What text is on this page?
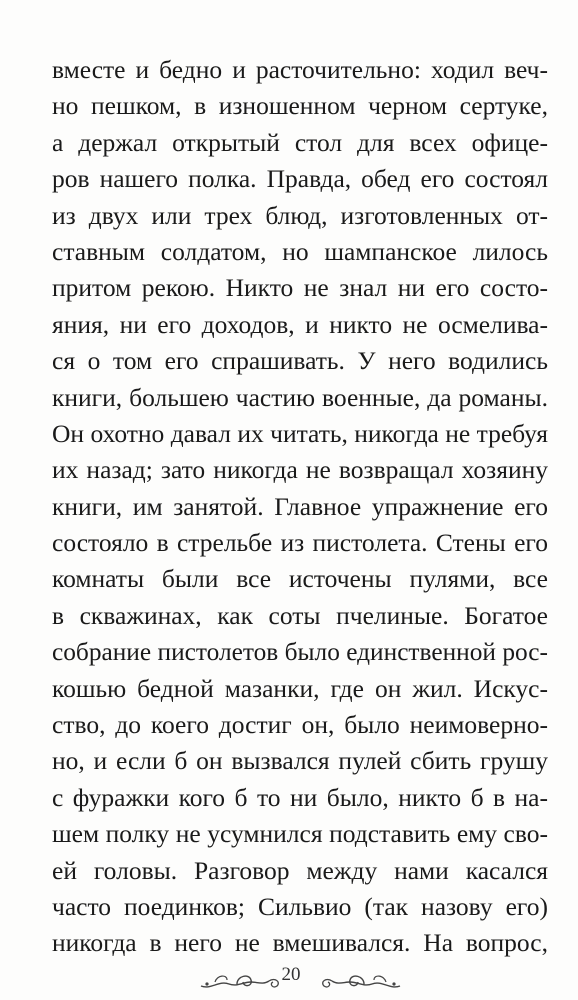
вместе и бедно и расточительно: ходил веч-
но пешком, в изношенном черном сертуке,
а держал открытый стол для всех офице-
ров нашего полка. Правда, обед его состоял
из двух или трех блюд, изготовленных от-
ставным солдатом, но шампанское лилось
притом рекою. Никто не знал ни его состо-
яния, ни его доходов, и никто не осмелива-
ся о том его спрашивать. У него водились
книги, большею частию военные, да романы.
Он охотно давал их читать, никогда не требуя
их назад; зато никогда не возвращал хозяину
книги, им занятой. Главное упражнение его
состояло в стрельбе из пистолета. Стены его
комнаты были все источены пулями, все
в скважинах, как соты пчелиные. Богатое
собрание пистолетов было единственной рос-
кошью бедной мазанки, где он жил. Искус-
ство, до коего достиг он, было неимоверно-
но, и если б он вызвался пулей сбить грушу
с фуражки кого б то ни было, никто б в на-
шем полку не усумнился подставить ему сво-
ей головы. Разговор между нами касался
часто поединков; Сильвио (так назову его)
никогда в него не вмешивался. На вопрос,
20
